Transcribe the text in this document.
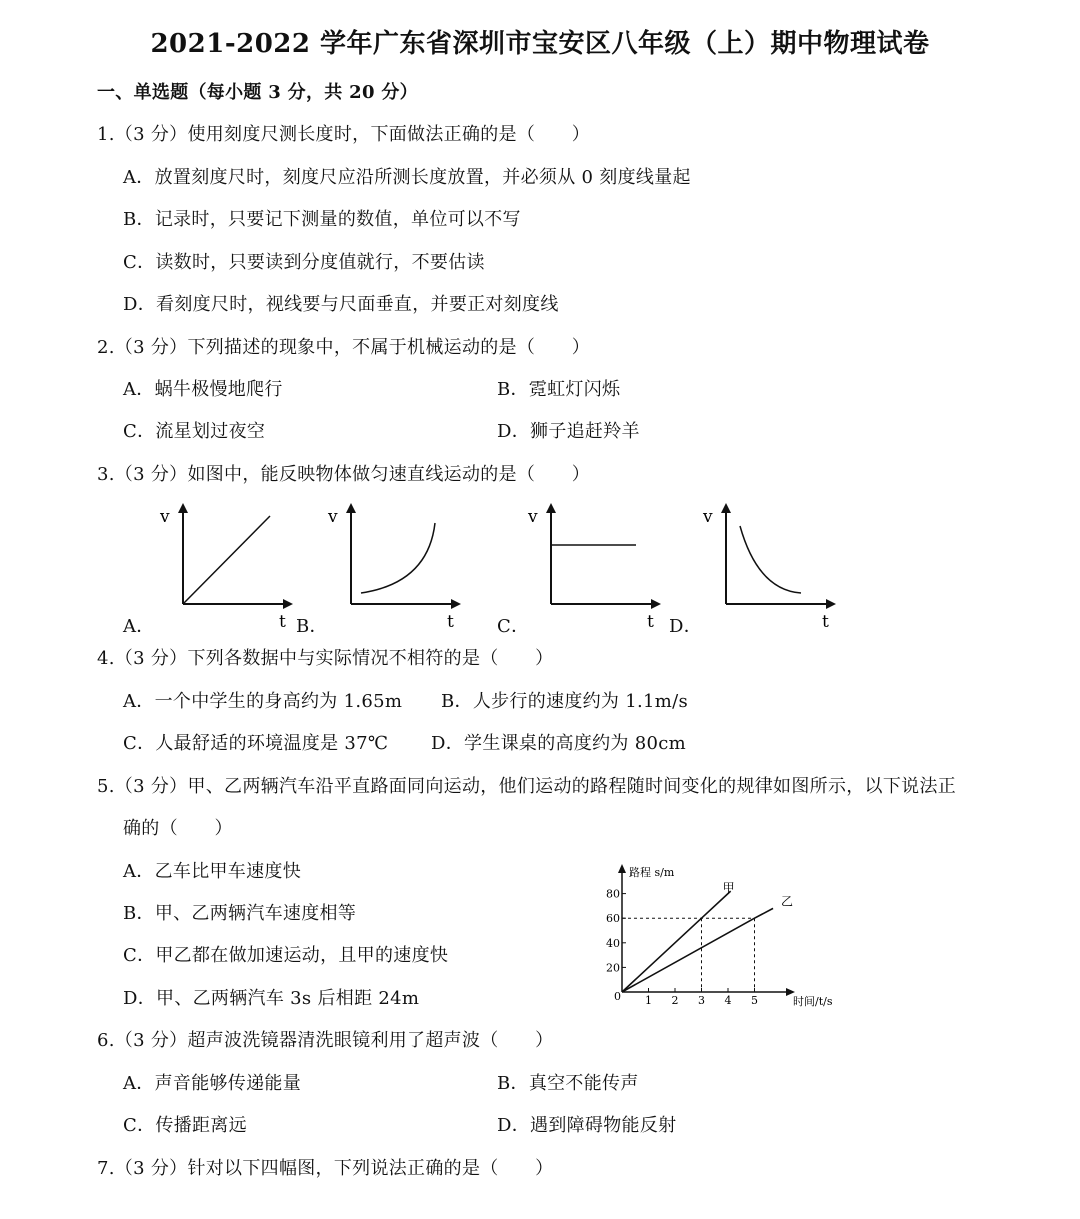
2021-2022 学年广东省深圳市宝安区八年级（上）期中物理试卷
一、单选题（每小题 3 分，共 20 分）
1.（3 分）使用刻度尺测长度时，下面做法正确的是（　　）
A．放置刻度尺时，刻度尺应沿所测长度放置，并必须从 0 刻度线量起
B．记录时，只要记下测量的数值，单位可以不写
C．读数时，只要读到分度值就行，不要估读
D．看刻度尺时，视线要与尺面垂直，并要正对刻度线
2.（3 分）下列描述的现象中，不属于机械运动的是（　　）
A．蜗牛极慢地爬行	B．霓虹灯闪烁
C．流星划过夜空	D．狮子追赶羚羊
3.（3 分）如图中，能反映物体做匀速直线运动的是（　　）
v
t
v
t
v
t
v
t
A．	B．	C．	D．
4.（3 分）下列各数据中与实际情况不相符的是（　　）
A．一个中学生的身高约为 1.65m B．人步行的速度约为 1.1m/s
C．人最舒适的环境温度是 37℃ D．学生课桌的高度约为 80cm
5.（3 分）甲、乙两辆汽车沿平直路面同向运动，他们运动的路程随时间变化的规律如图所示，以下说法正
确的（　　）
A．乙车比甲车速度快
B．甲、乙两辆汽车速度相等
C．甲乙都在做加速运动，且甲的速度快
D．甲、乙两辆汽车 3s 后相距 24m
路程 s/m
时间/t/s
0 1 2 3 4 5
20
40
60
80	甲
乙
6.（3 分）超声波洗镜器清洗眼镜利用了超声波（　　）
A．声音能够传递能量	B．真空不能传声
C．传播距离远	D．遇到障碍物能反射
7.（3 分）针对以下四幅图，下列说法正确的是（　　）
